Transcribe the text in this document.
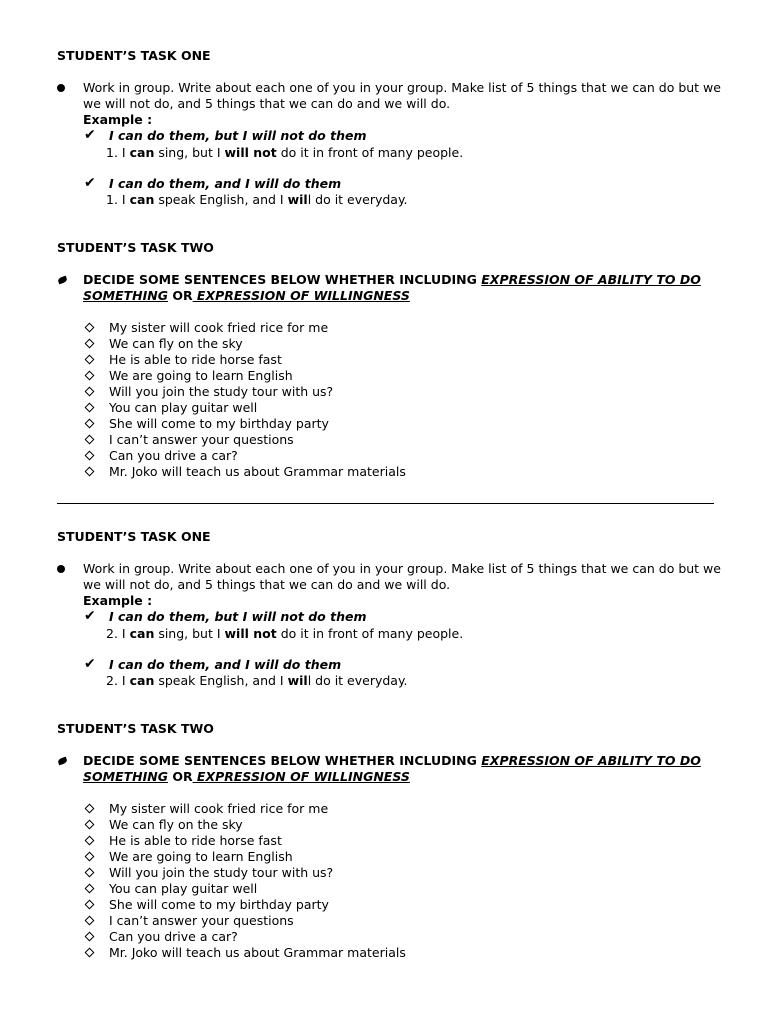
STUDENT’S TASK ONE
Work in group. Write about each one of you in your group. Make list of 5 things that we can do but we
we will not do, and 5 things that we can do and we will do.
Example :
✔ I can do them, but I will not do them
1. I can sing, but I will not do it in front of many people.
✔ I can do them, and I will do them
1. I can speak English, and I will do it everyday.
STUDENT’S TASK TWO
DECIDE SOME SENTENCES BELOW WHETHER INCLUDING EXPRESSION OF ABILITY TO DO
SOMETHING OR EXPRESSION OF WILLINGNESS
My sister will cook fried rice for me
We can fly on the sky
He is able to ride horse fast
We are going to learn English
Will you join the study tour with us?
You can play guitar well
She will come to my birthday party
I can’t answer your questions
Can you drive a car?
Mr. Joko will teach us about Grammar materials
STUDENT’S TASK ONE
Work in group. Write about each one of you in your group. Make list of 5 things that we can do but we
we will not do, and 5 things that we can do and we will do.
Example :
✔ I can do them, but I will not do them
2. I can sing, but I will not do it in front of many people.
✔ I can do them, and I will do them
2. I can speak English, and I will do it everyday.
STUDENT’S TASK TWO
DECIDE SOME SENTENCES BELOW WHETHER INCLUDING EXPRESSION OF ABILITY TO DO
SOMETHING OR EXPRESSION OF WILLINGNESS
My sister will cook fried rice for me
We can fly on the sky
He is able to ride horse fast
We are going to learn English
Will you join the study tour with us?
You can play guitar well
She will come to my birthday party
I can’t answer your questions
Can you drive a car?
Mr. Joko will teach us about Grammar materials
